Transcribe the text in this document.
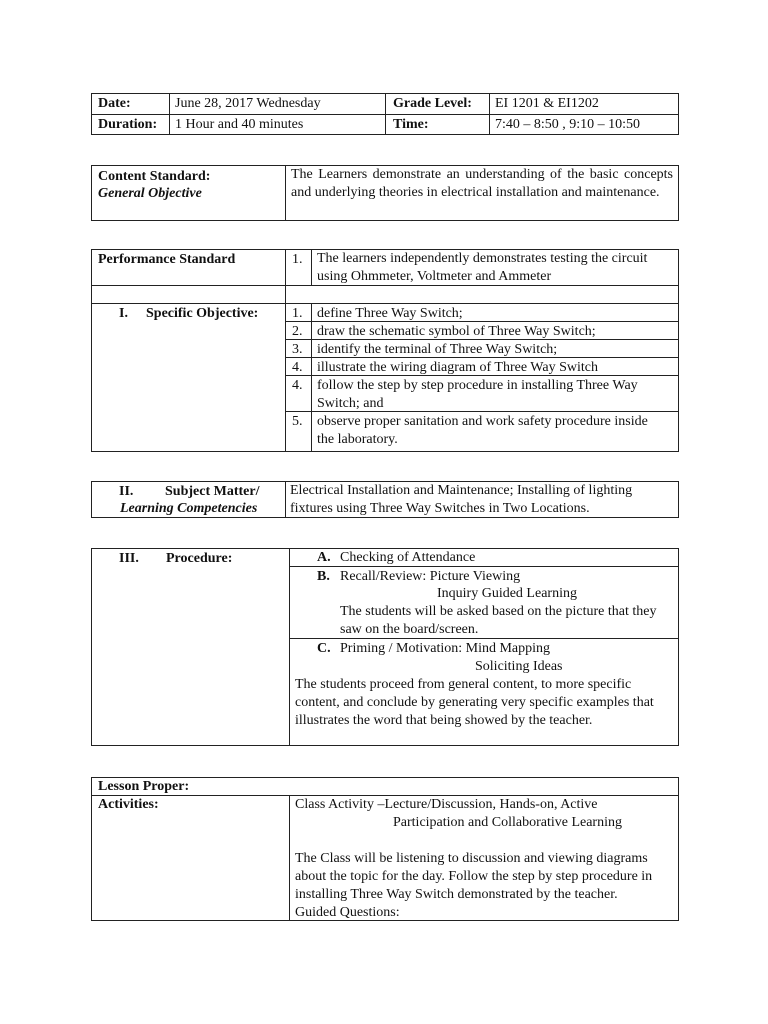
Date:	June 28, 2017 Wednesday	Grade Level: EI 1201 & EI1202
Duration: 1 Hour and 40 minutes	Time:	7:40 – 8:50 , 9:10 – 10:50
Content Standard:
General Objective
The Learners demonstrate an understanding of the basic concepts and underlying theories in electrical installation and maintenance.
Performance Standard	1. The learners independently demonstrates testing the circuit using Ohmmeter, Voltmeter and Ammeter
I. Specific Objective: 1. define Three Way Switch;
2. draw the schematic symbol of Three Way Switch;
3. identify the terminal of Three Way Switch;
4. illustrate the wiring diagram of Three Way Switch
4. follow the step by step procedure in installing Three Way Switch; and
5. observe proper sanitation and work safety procedure inside the laboratory.
II. Subject Matter/
Learning Competencies
Electrical Installation and Maintenance; Installing of lighting fixtures using Three Way Switches in Two Locations.
III. Procedure:	A. Checking of Attendance
B. Recall/Review: Picture Viewing
Inquiry Guided Learning
The students will be asked based on the picture that they saw on the board/screen.
C. Priming / Motivation: Mind Mapping
Soliciting Ideas
The students proceed from general content, to more specific content, and conclude by generating very specific examples that illustrates the word that being showed by the teacher.
Lesson Proper:
Activities:	Class Activity –Lecture/Discussion, Hands-on, Active
Participation and Collaborative Learning
The Class will be listening to discussion and viewing diagrams about the topic for the day. Follow the step by step procedure in installing Three Way Switch demonstrated by the teacher.
Guided Questions:
